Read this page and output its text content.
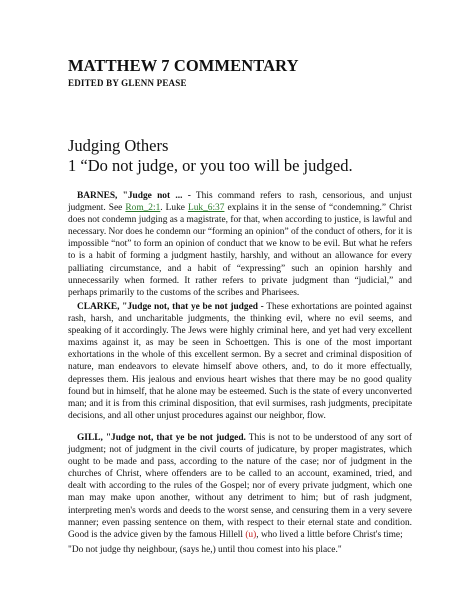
MATTHEW 7 COMMENTARY
EDITED BY GLENN PEASE
Judging Others
1 “Do not judge, or you too will be judged.

BARNES, "Judge not ... - This command refers to rash, censorious, and unjust judgment. See Rom_2:1. Luke Luk_6:37 explains it in the sense of “condemning.” Christ does not condemn judging as a magistrate, for that, when according to justice, is lawful and necessary. Nor does he condemn our “forming an opinion” of the conduct of others, for it is impossible “not” to form an opinion of conduct that we know to be evil. But what he refers to is a habit of forming a judgment hastily, harshly, and without an allowance for every palliating circumstance, and a habit of “expressing” such an opinion harshly and unnecessarily when formed. It rather refers to private judgment than “judicial,” and perhaps primarily to the customs of the scribes and Pharisees.

CLARKE, "Judge not, that ye be not judged - These exhortations are pointed against rash, harsh, and uncharitable judgments, the thinking evil, where no evil seems, and speaking of it accordingly. The Jews were highly criminal here, and yet had very excellent maxims against it, as may be seen in Schoettgen. This is one of the most important exhortations in the whole of this excellent sermon. By a secret and criminal disposition of nature, man endeavors to elevate himself above others, and, to do it more effectually, depresses them. His jealous and envious heart wishes that there may be no good quality found but in himself, that he alone may be esteemed. Such is the state of every unconverted man; and it is from this criminal disposition, that evil surmises, rash judgments, precipitate decisions, and all other unjust procedures against our neighbor, flow.

GILL, "Judge not, that ye be not judged. This is not to be understood of any sort of judgment; not of judgment in the civil courts of judicature, by proper magistrates, which ought to be made and pass, according to the nature of the case; nor of judgment in the churches of Christ, where offenders are to be called to an account, examined, tried, and dealt with according to the rules of the Gospel; nor of every private judgment, which one man may make upon another, without any detriment to him; but of rash judgment, interpreting men's words and deeds to the worst sense, and censuring them in a very severe manner; even passing sentence on them, with respect to their eternal state and condition. Good is the advice given by the famous Hillell (u), who lived a little before Christ's time;

"Do not judge thy neighbour, (says he,) until thou comest into his place."
